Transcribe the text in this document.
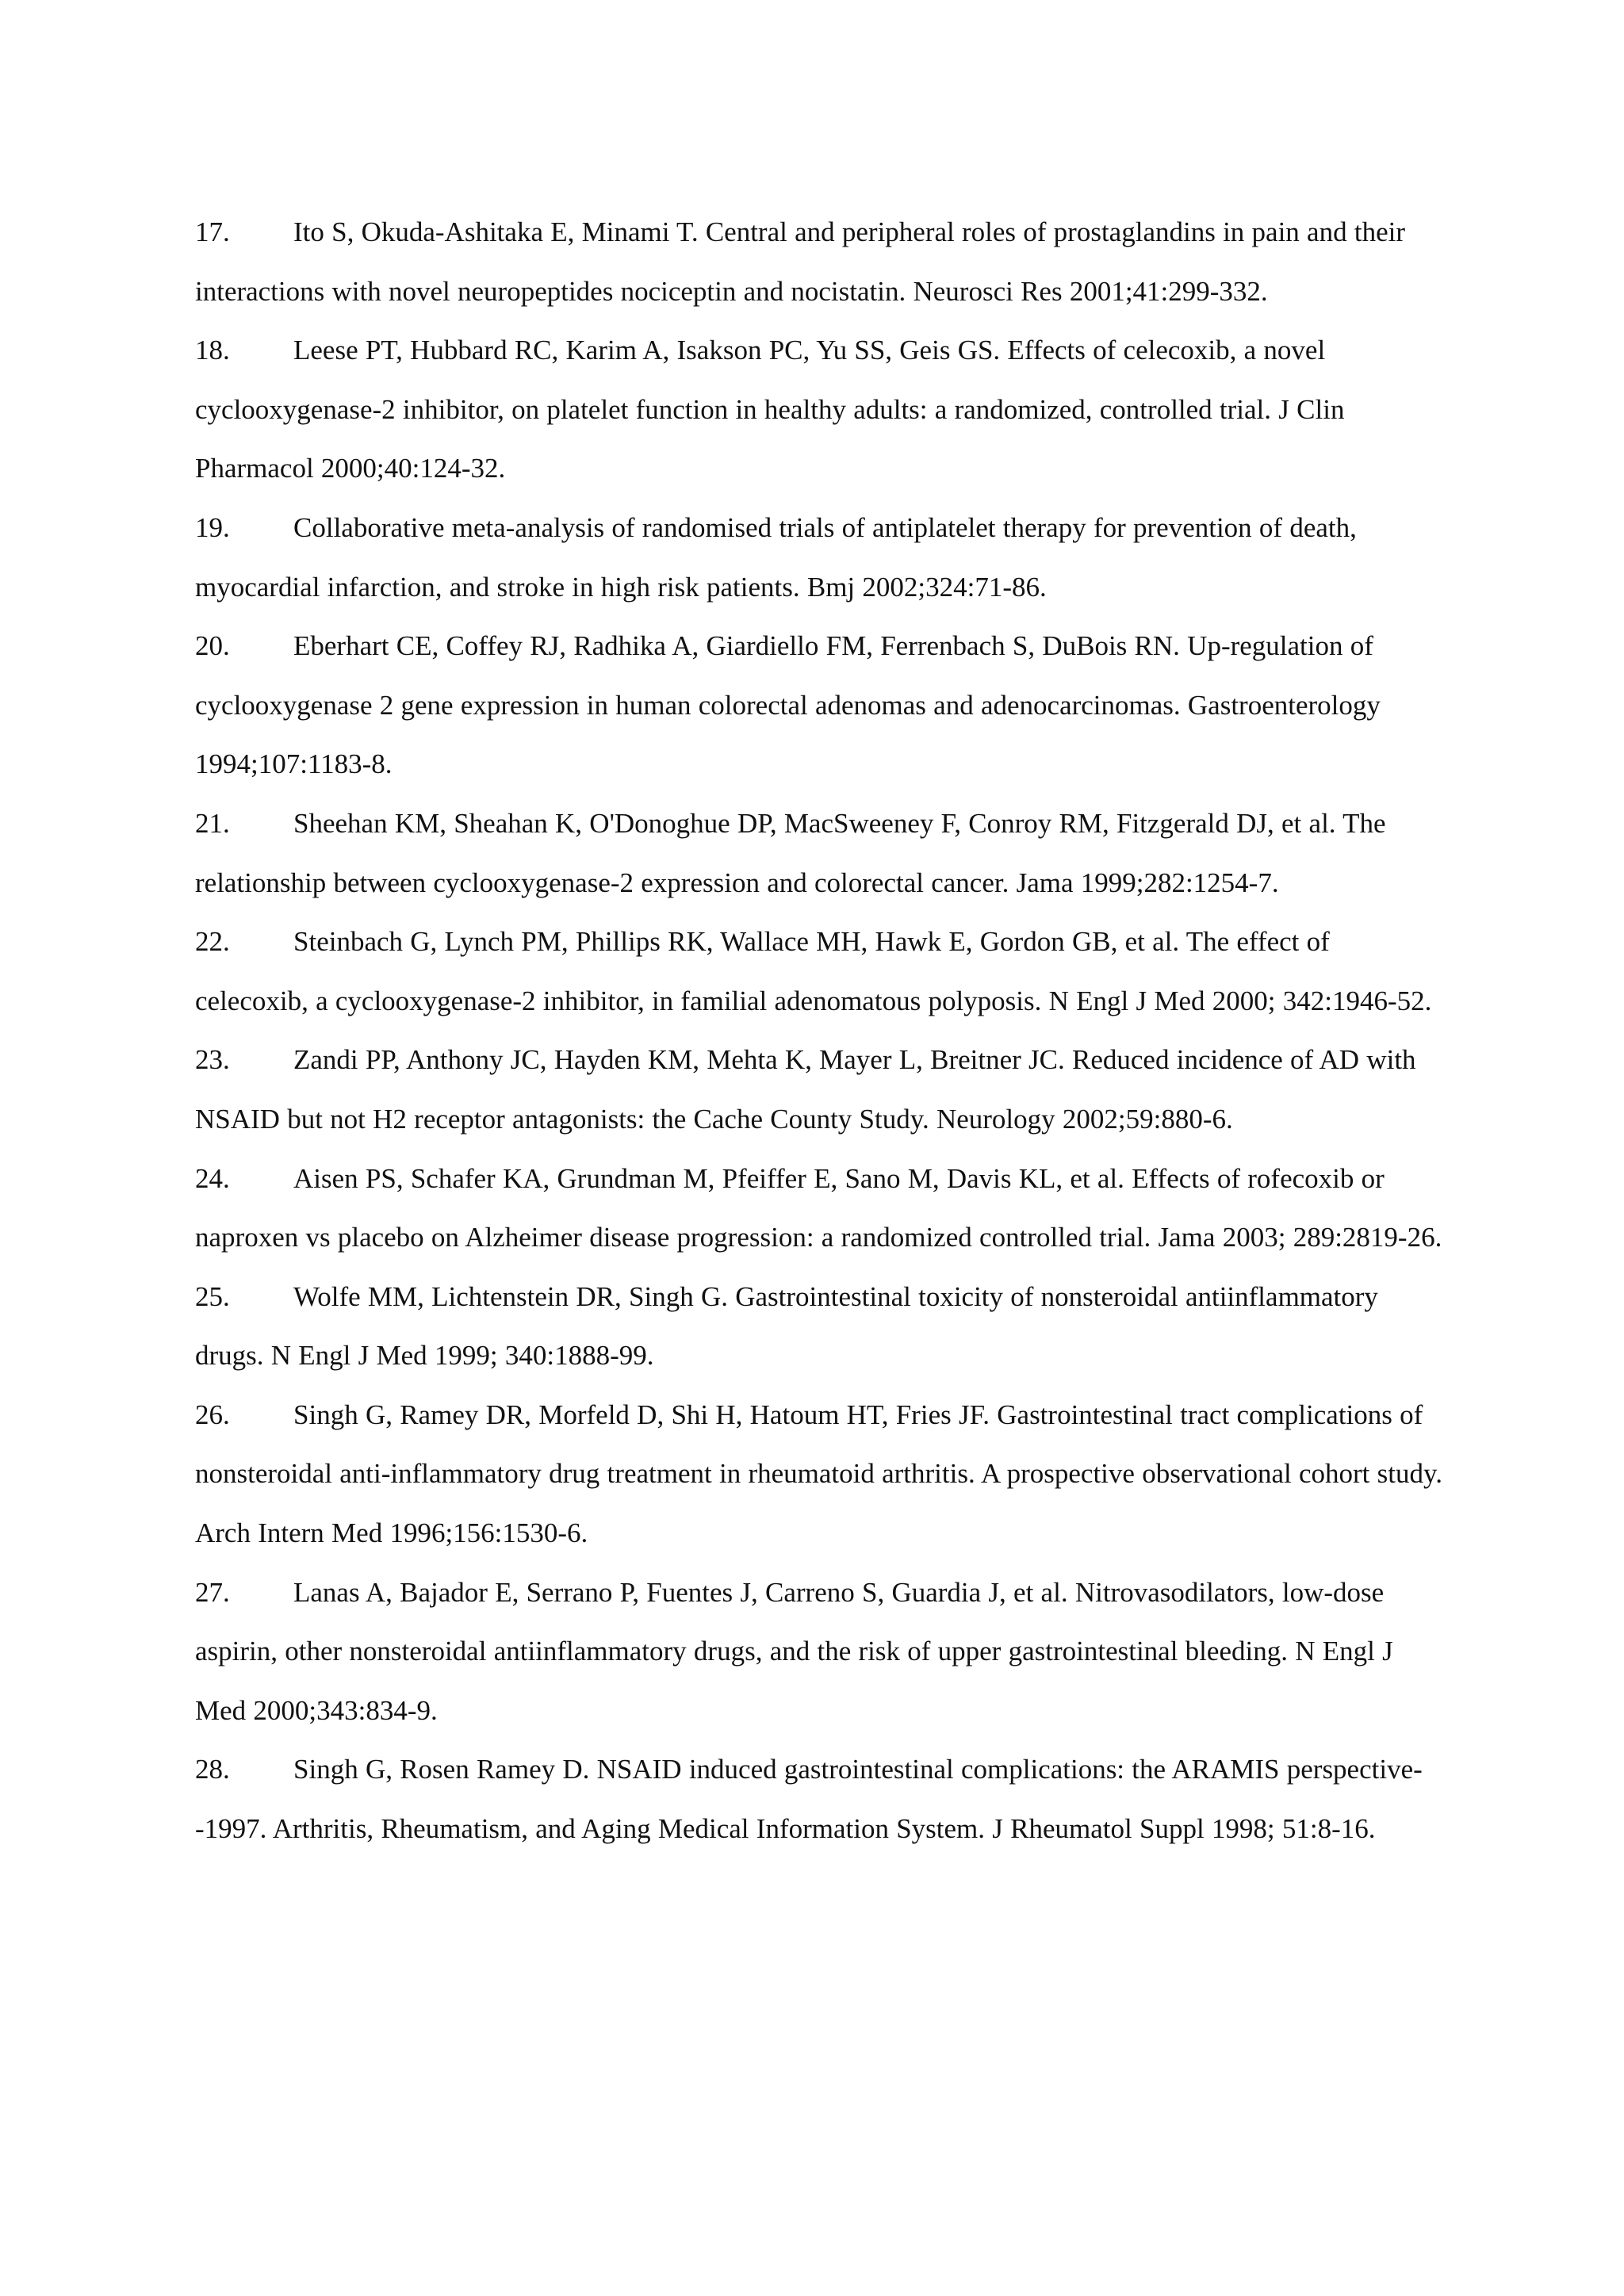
17. Ito S, Okuda-Ashitaka E, Minami T. Central and peripheral roles of prostaglandins in pain and their interactions with novel neuropeptides nociceptin and nocistatin. Neurosci Res 2001;41:299-332.
18. Leese PT, Hubbard RC, Karim A, Isakson PC, Yu SS, Geis GS. Effects of celecoxib, a novel cyclooxygenase-2 inhibitor, on platelet function in healthy adults: a randomized, controlled trial. J Clin Pharmacol 2000;40:124-32.
19. Collaborative meta-analysis of randomised trials of antiplatelet therapy for prevention of death, myocardial infarction, and stroke in high risk patients. Bmj 2002;324:71-86.
20. Eberhart CE, Coffey RJ, Radhika A, Giardiello FM, Ferrenbach S, DuBois RN. Up-regulation of cyclooxygenase 2 gene expression in human colorectal adenomas and adenocarcinomas. Gastroenterology 1994;107:1183-8.
21. Sheehan KM, Sheahan K, O'Donoghue DP, MacSweeney F, Conroy RM, Fitzgerald DJ, et al. The relationship between cyclooxygenase-2 expression and colorectal cancer. Jama 1999;282:1254-7.
22. Steinbach G, Lynch PM, Phillips RK, Wallace MH, Hawk E, Gordon GB, et al. The effect of celecoxib, a cyclooxygenase-2 inhibitor, in familial adenomatous polyposis. N Engl J Med 2000; 342:1946-52.
23. Zandi PP, Anthony JC, Hayden KM, Mehta K, Mayer L, Breitner JC. Reduced incidence of AD with NSAID but not H2 receptor antagonists: the Cache County Study. Neurology 2002;59:880-6.
24. Aisen PS, Schafer KA, Grundman M, Pfeiffer E, Sano M, Davis KL, et al. Effects of rofecoxib or naproxen vs placebo on Alzheimer disease progression: a randomized controlled trial. Jama 2003; 289:2819-26.
25. Wolfe MM, Lichtenstein DR, Singh G. Gastrointestinal toxicity of nonsteroidal antiinflammatory drugs. N Engl J Med 1999; 340:1888-99.
26. Singh G, Ramey DR, Morfeld D, Shi H, Hatoum HT, Fries JF. Gastrointestinal tract complications of nonsteroidal anti-inflammatory drug treatment in rheumatoid arthritis. A prospective observational cohort study. Arch Intern Med 1996;156:1530-6.
27. Lanas A, Bajador E, Serrano P, Fuentes J, Carreno S, Guardia J, et al. Nitrovasodilators, low-dose aspirin, other nonsteroidal antiinflammatory drugs, and the risk of upper gastrointestinal bleeding. N Engl J Med 2000;343:834-9.
28. Singh G, Rosen Ramey D. NSAID induced gastrointestinal complications: the ARAMIS perspective--1997. Arthritis, Rheumatism, and Aging Medical Information System. J Rheumatol Suppl 1998; 51:8-16.
